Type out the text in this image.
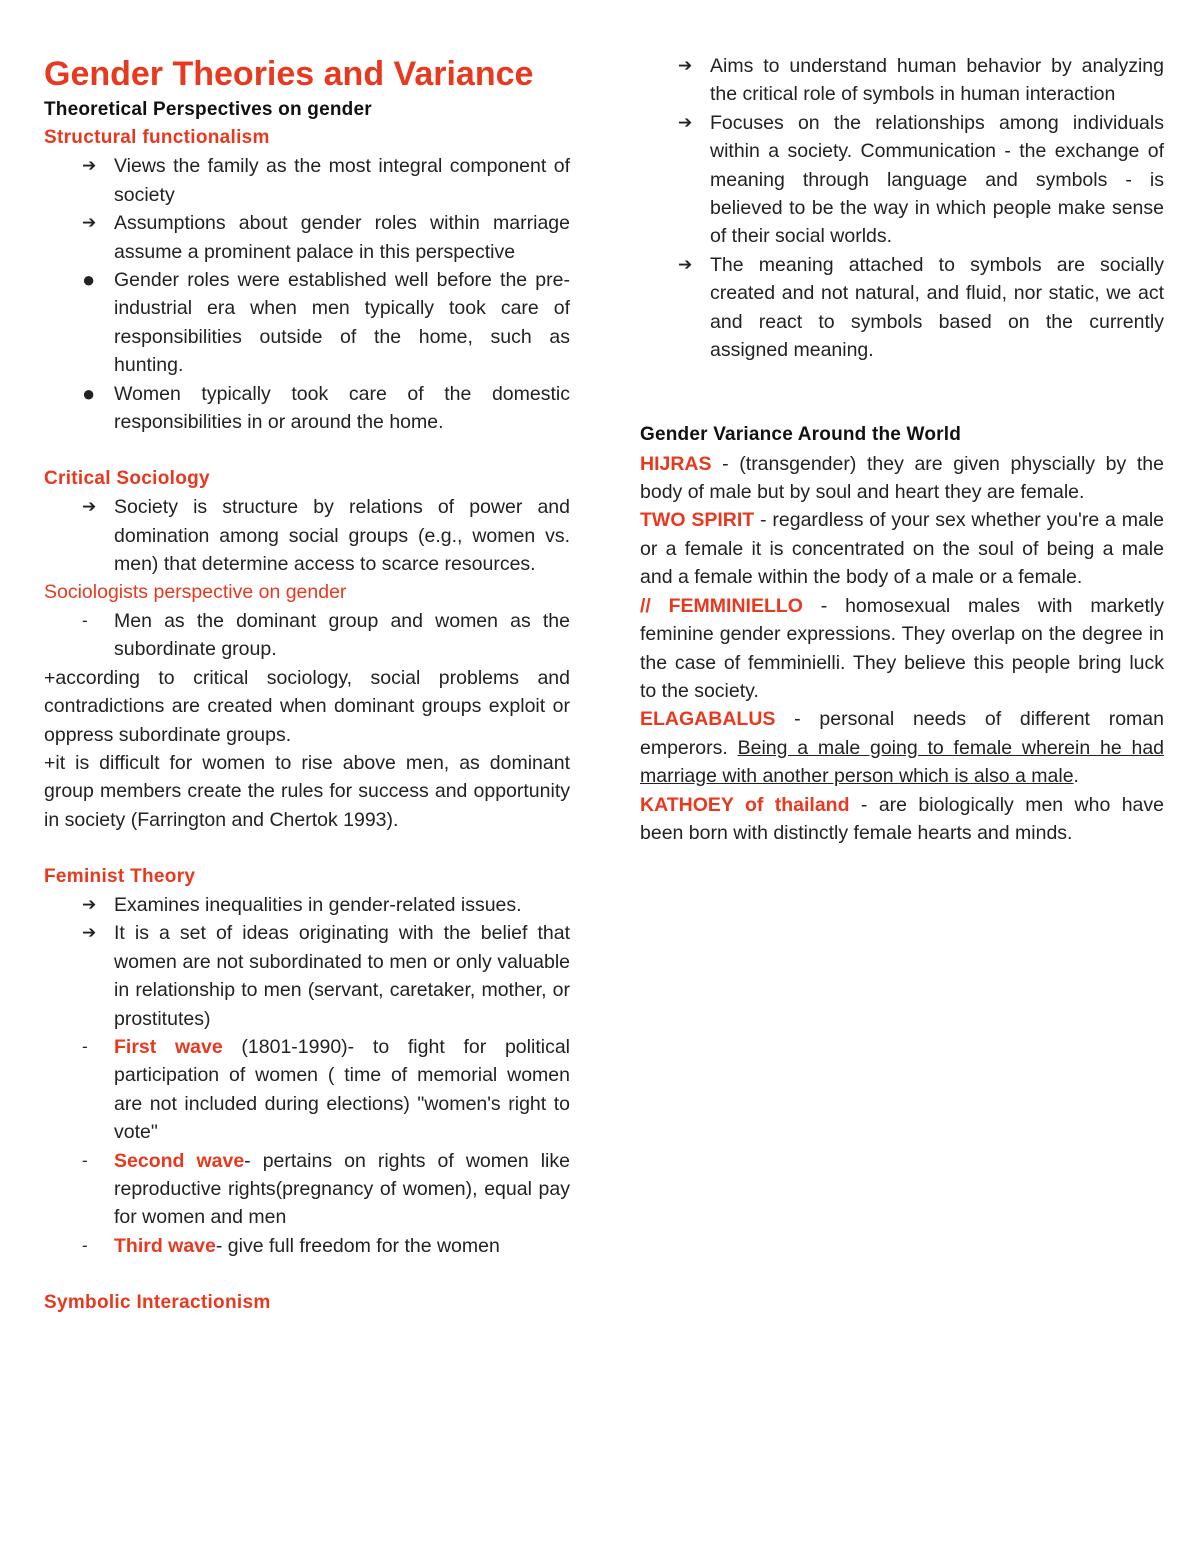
Gender Theories and Variance
Theoretical Perspectives on gender
Structural functionalism
➔ Views the family as the most integral component of society
➔ Assumptions about gender roles within marriage assume a prominent palace in this perspective
● Gender roles were established well before the pre-industrial era when men typically took care of responsibilities outside of the home, such as hunting.
● Women typically took care of the domestic responsibilities in or around the home.
Critical Sociology
➔ Society is structure by relations of power and domination among social groups (e.g., women vs. men) that determine access to scarce resources.
Sociologists perspective on gender
-	Men as the dominant group and women as the subordinate group.

+according to critical sociology, social problems and contradictions are created when dominant groups exploit or oppress subordinate groups.

+it is difficult for women to rise above men, as dominant group members create the rules for success and opportunity in society (Farrington and Chertok 1993).

Feminist Theory
➔ Examines inequalities in gender-related issues.
➔ It is a set of ideas originating with the belief that women are not subordinated to men or only valuable in relationship to men (servant, caretaker, mother, or prostitutes)
-	First wave (1801-1990)- to fight for political participation of women ( time of memorial women are not included during elections) "women's right to vote"
-	Second wave- pertains on rights of women like reproductive rights(pregnancy of women), equal pay for women and men
-	Third wave- give full freedom for the women
Symbolic Interactionism
➔ Aims to understand human behavior by analyzing the critical role of symbols in human interaction
➔ Focuses on the relationships among individuals within a society. Communication - the exchange of meaning through language and symbols - is believed to be the way in which people make sense of their social worlds.
➔ The meaning attached to symbols are socially created and not natural, and fluid, nor static, we act and react to symbols based on the currently assigned meaning.
Gender Variance Around the World

HIJRAS - (transgender) they are given physcially by the body of male but by soul and heart they are female.

TWO SPIRIT - regardless of your sex whether you're a male or a female it is concentrated on the soul of being a male and a female within the body of a male or a female.

// FEMMINIELLO - homosexual males with marketly feminine gender expressions. They overlap on the degree in the case of femminielli. They believe this people bring luck to the society.

ELAGABALUS - personal needs of different roman emperors. Being a male going to female wherein he had marriage with another person which is also a male.

KATHOEY of thailand - are biologically men who have been born with distinctly female hearts and minds.
